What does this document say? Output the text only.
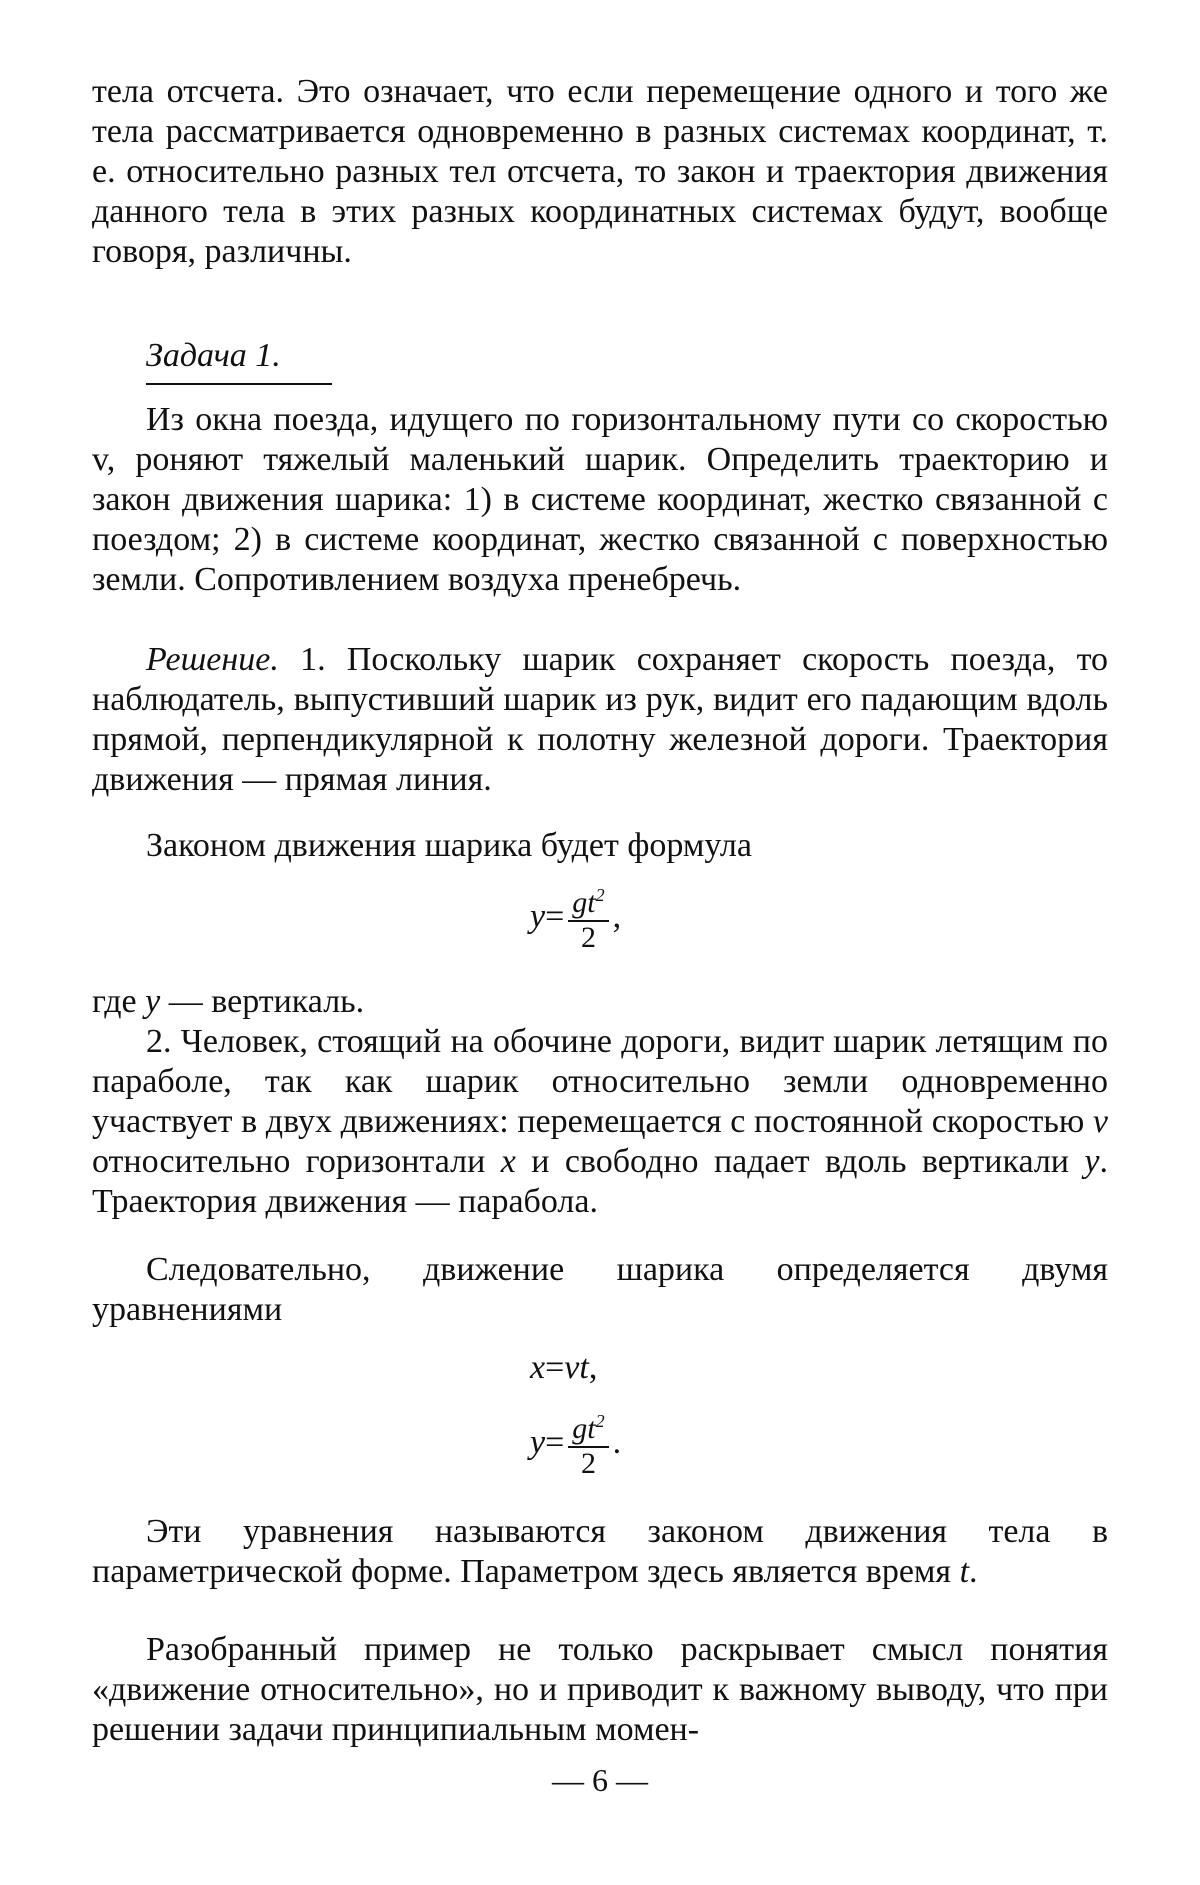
тела отсчета. Это означает, что если перемещение одного и того же тела рассматривается одновременно в разных системах координат, т. е. относительно разных тел отсчета, то закон и траектория движения данного тела в этих разных координатных системах будут, вообще говоря, различны.

Задача 1.

Из окна поезда, идущего по горизонтальному пути со скоростью v, роняют тяжелый маленький шарик. Определить траекторию и закон движения шарика: 1) в системе координат, жестко связанной с поездом; 2) в системе координат, жестко связанной с поверхностью земли. Сопротивлением воздуха пренебречь.

Решение. 1. Поскольку шарик сохраняет скорость поезда, то наблюдатель, выпустивший шарик из рук, видит его падающим вдоль прямой, перпендикулярной к полотну железной дороги. Траектория движения — прямая линия.

Законом движения шарика будет формула

$y = \frac{gt^2}{2}$ ,

где y — вертикаль.

2. Человек, стоящий на обочине дороги, видит шарик летящим по параболе, так как шарик относительно земли одновременно участвует в двух движениях: перемещается с постоянной скоростью v относительно горизонтали x и свободно падает вдоль вертикали y. Траектория движения — парабола.

Следовательно, движение шарика определяется двумя уравнениями

x = vt ,
$y = \frac{gt^2}{2}$ .

Эти уравнения называются законом движения тела в параметрической форме. Параметром здесь является время t.

Разобранный пример не только раскрывает смысл понятия «движение относительно», но и приводит к важному выводу, что при решении задачи принципиальным момен-

— 6 —
